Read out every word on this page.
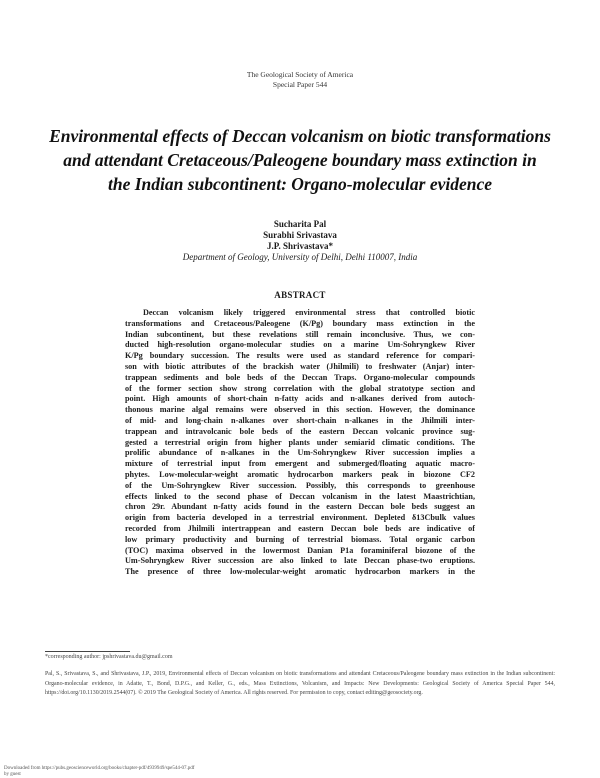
The Geological Society of America
Special Paper 544
Environmental effects of Deccan volcanism on biotic transformations
and attendant Cretaceous/Paleogene boundary mass extinction in
the Indian subcontinent: Organo-molecular evidence
Sucharita Pal
Surabhi Srivastava
J.P. Shrivastava*
Department of Geology, University of Delhi, Delhi 110007, India
ABSTRACT
Deccan volcanism likely triggered environmental stress that controlled biotic
transformations and Cretaceous/Paleogene (K/Pg) boundary mass extinction in the
Indian subcontinent, but these revelations still remain inconclusive. Thus, we con-
ducted high-resolution organo-molecular studies on a marine Um-Sohryngkew River
K/Pg boundary succession. The results were used as standard reference for compari-
son with biotic attributes of the brackish water (Jhilmili) to freshwater (Anjar) inter-
trappean sediments and bole beds of the Deccan Traps. Organo-molecular compounds
of the former section show strong correlation with the global stratotype section and
point. High amounts of short-chain n-fatty acids and n-alkanes derived from autoch-
thonous marine algal remains were observed in this section. However, the dominance
of mid- and long-chain n-alkanes over short-chain n-alkanes in the Jhilmili inter-
trappean and intravolcanic bole beds of the eastern Deccan volcanic province sug-
gested a terrestrial origin from higher plants under semiarid climatic conditions. The
prolific abundance of n-alkanes in the Um-Sohryngkew River succession implies a
mixture of terrestrial input from emergent and submerged/floating aquatic macro-
phytes. Low-molecular-weight aromatic hydrocarbon markers peak in biozone CF2
of the Um-Sohryngkew River succession. Possibly, this corresponds to greenhouse
effects linked to the second phase of Deccan volcanism in the latest Maastrichtian,
chron 29r. Abundant n-fatty acids found in the eastern Deccan bole beds suggest an
origin from bacteria developed in a terrestrial environment. Depleted δ13Cbulk values
recorded from Jhilmili intertrappean and eastern Deccan bole beds are indicative of
low primary productivity and burning of terrestrial biomass. Total organic carbon
(TOC) maxima observed in the lowermost Danian P1a foraminiferal biozone of the
Um-Sohryngkew River succession are also linked to late Deccan phase-two eruptions.
The presence of three low-molecular-weight aromatic hydrocarbon markers in the
*corresponding author: jpshrivastava.du@gmail.com
Pal, S., Srivastava, S., and Shrivastava, J.P., 2019, Environmental effects of Deccan volcanism on biotic transformations and attendant Cretaceous/Paleogene boundary mass extinction in the Indian subcontinent: Organo-molecular evidence, in Adatte, T., Bond, D.P.G., and Keller, G., eds., Mass Extinctions, Volcanism, and Impacts: New Developments: Geological Society of America Special Paper 544, https://doi.org/10.1130/2019.2544(07). © 2019 The Geological Society of America. All rights reserved. For permission to copy, contact editing@geosociety.org.
Downloaded from https://pubs.geoscienceworld.org/books/chapter-pdf/4939949/spe544-07.pdf
by guest
